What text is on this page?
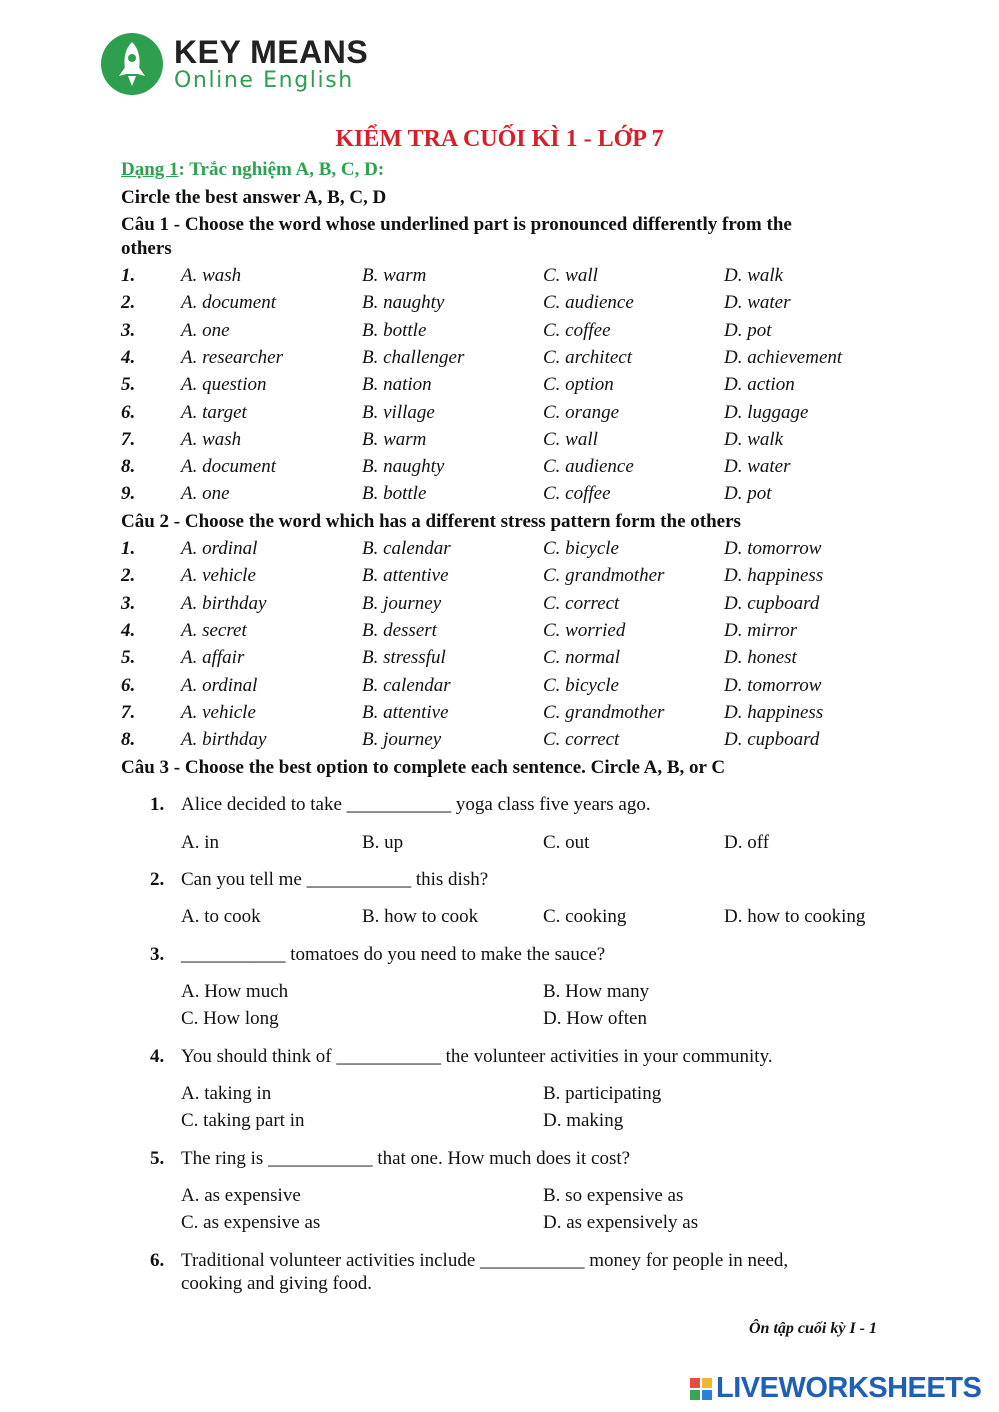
KEY MEANS
Online English
KIỂM TRA CUỐI KÌ 1 - LỚP 7
Dạng 1: Trắc nghiệm A, B, C, D:
Circle the best answer A, B, C, D
Câu 1 - Choose the word whose underlined part is pronounced differently from the
others
1. A. wash	B. warm	C. wall	D. walk
2. A. document	B. naughty	C. audience	D. water
3. A. one	B. bottle	C. coffee	D. pot
4. A. researcher	B. challenger	C. architect	D. achievement
5. A. question	B. nation	C. option	D. action
6. A. target	B. village	C. orange	D. luggage
7. A. wash	B. warm	C. wall	D. walk
8. A. document	B. naughty	C. audience	D. water
9. A. one	B. bottle	C. coffee	D. pot
Câu 2 - Choose the word which has a different stress pattern form the others
1. A. ordinal	B. calendar	C. bicycle	D. tomorrow
2. A. vehicle	B. attentive	C. grandmother	D. happiness
3. A. birthday	B. journey	C. correct	D. cupboard
4. A. secret	B. dessert	C. worried	D. mirror
5. A. affair	B. stressful	C. normal	D. honest
6. A. ordinal	B. calendar	C. bicycle	D. tomorrow
7. A. vehicle	B. attentive	C. grandmother	D. happiness
8. A. birthday	B. journey	C. correct	D. cupboard
Câu 3 - Choose the best option to complete each sentence. Circle A, B, or C
1. Alice decided to take ___________ yoga class five years ago.
A. in	B. up	C. out	D. off
2. Can you tell me ___________ this dish?
A. to cook	B. how to cook	C. cooking	D. how to cooking
3. ___________ tomatoes do you need to make the sauce?
A. How much	B. How many
C. How long	D. How often
4. You should think of ___________ the volunteer activities in your community.
A. taking in	B. participating
C. taking part in	D. making
5. The ring is ___________ that one. How much does it cost?
A. as expensive	B. so expensive as
C. as expensive as	D. as expensively as
6. Traditional volunteer activities include ___________ money for people in need,
cooking and giving food.
Ôn tập cuối kỳ I - 1
LIVEWORKSHEETS
